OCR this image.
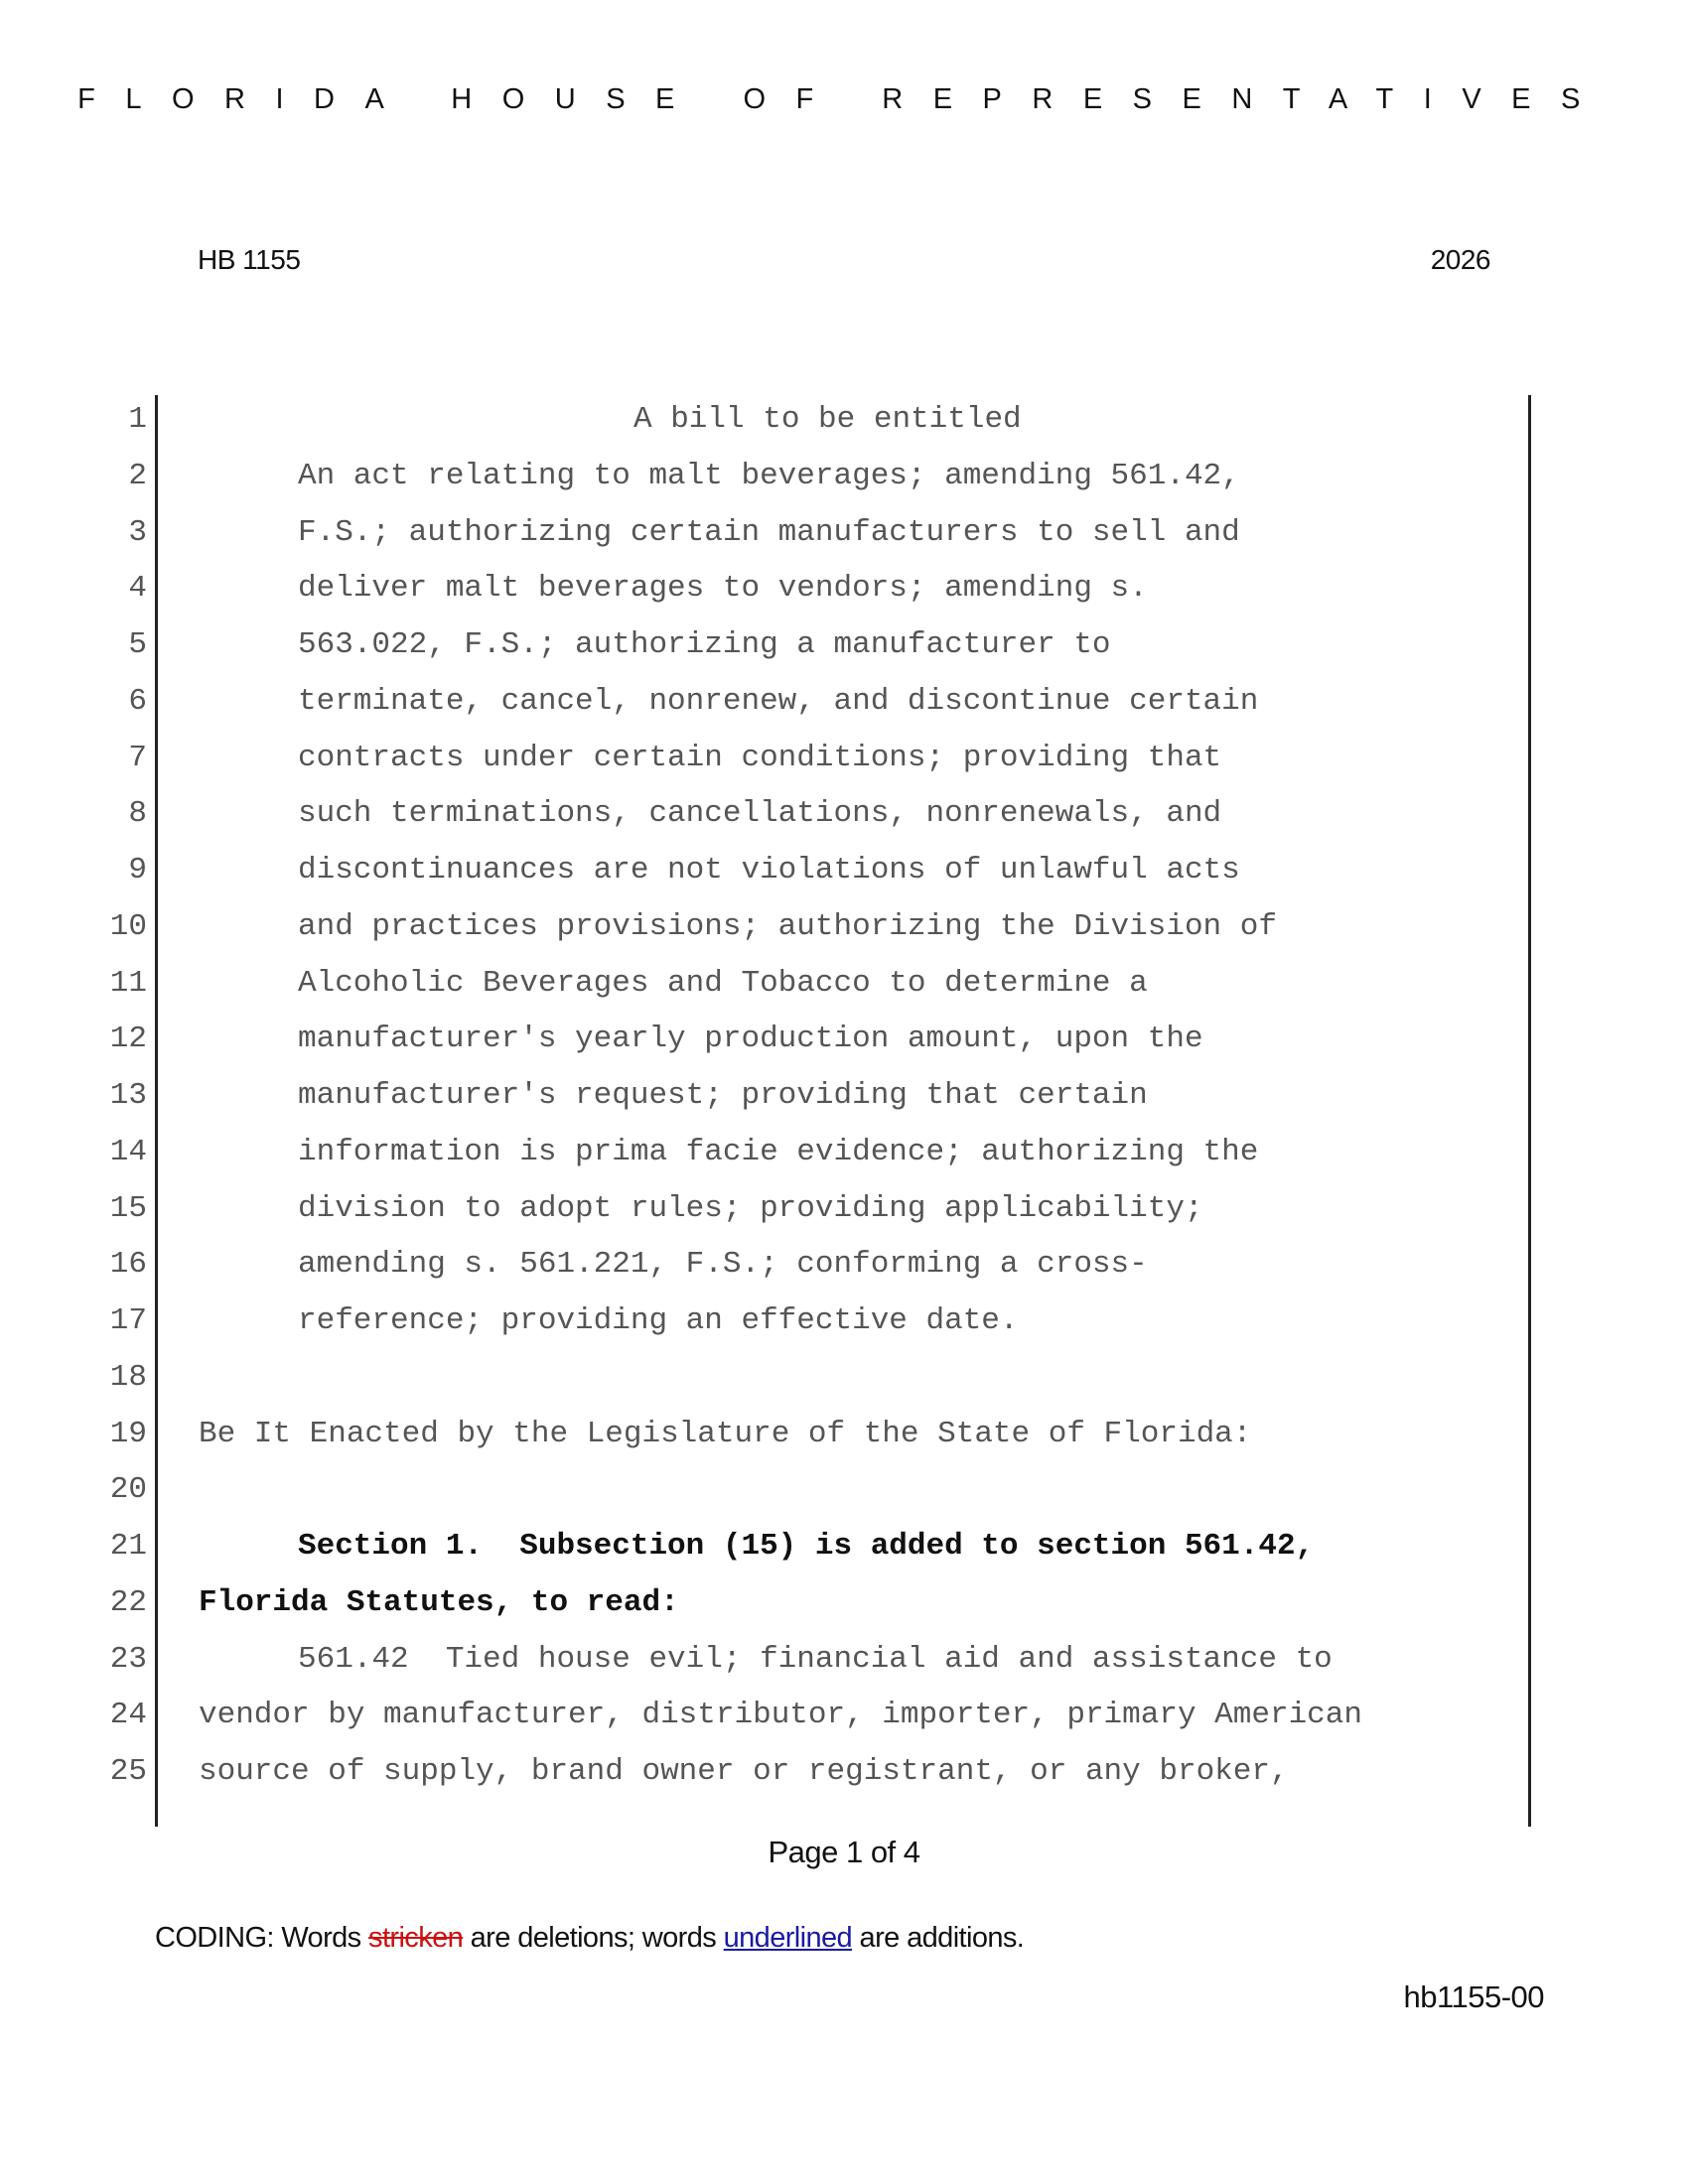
FLORIDA HOUSE OF REPRESENTATIVES
HB 1155	2026
1	A bill to be entitled
2	An act relating to malt beverages; amending 561.42,
3	F.S.; authorizing certain manufacturers to sell and
4	deliver malt beverages to vendors; amending s.
5	563.022, F.S.; authorizing a manufacturer to
6	terminate, cancel, nonrenew, and discontinue certain
7	contracts under certain conditions; providing that
8	such terminations, cancellations, nonrenewals, and
9	discontinuances are not violations of unlawful acts
10	and practices provisions; authorizing the Division of
11	Alcoholic Beverages and Tobacco to determine a
12	manufacturer's yearly production amount, upon the
13	manufacturer's request; providing that certain
14	information is prima facie evidence; authorizing the
15	division to adopt rules; providing applicability;
16	amending s. 561.221, F.S.; conforming a cross-
17	reference; providing an effective date.
18
19 Be It Enacted by the Legislature of the State of Florida:
20
21	Section 1.  Subsection (15) is added to section 561.42,
22 Florida Statutes, to read:
23	561.42  Tied house evil; financial aid and assistance to
24 vendor by manufacturer, distributor, importer, primary American
25 source of supply, brand owner or registrant, or any broker,
Page 1 of 4
CODING: Words stricken are deletions; words underlined are additions.
hb1155-00
